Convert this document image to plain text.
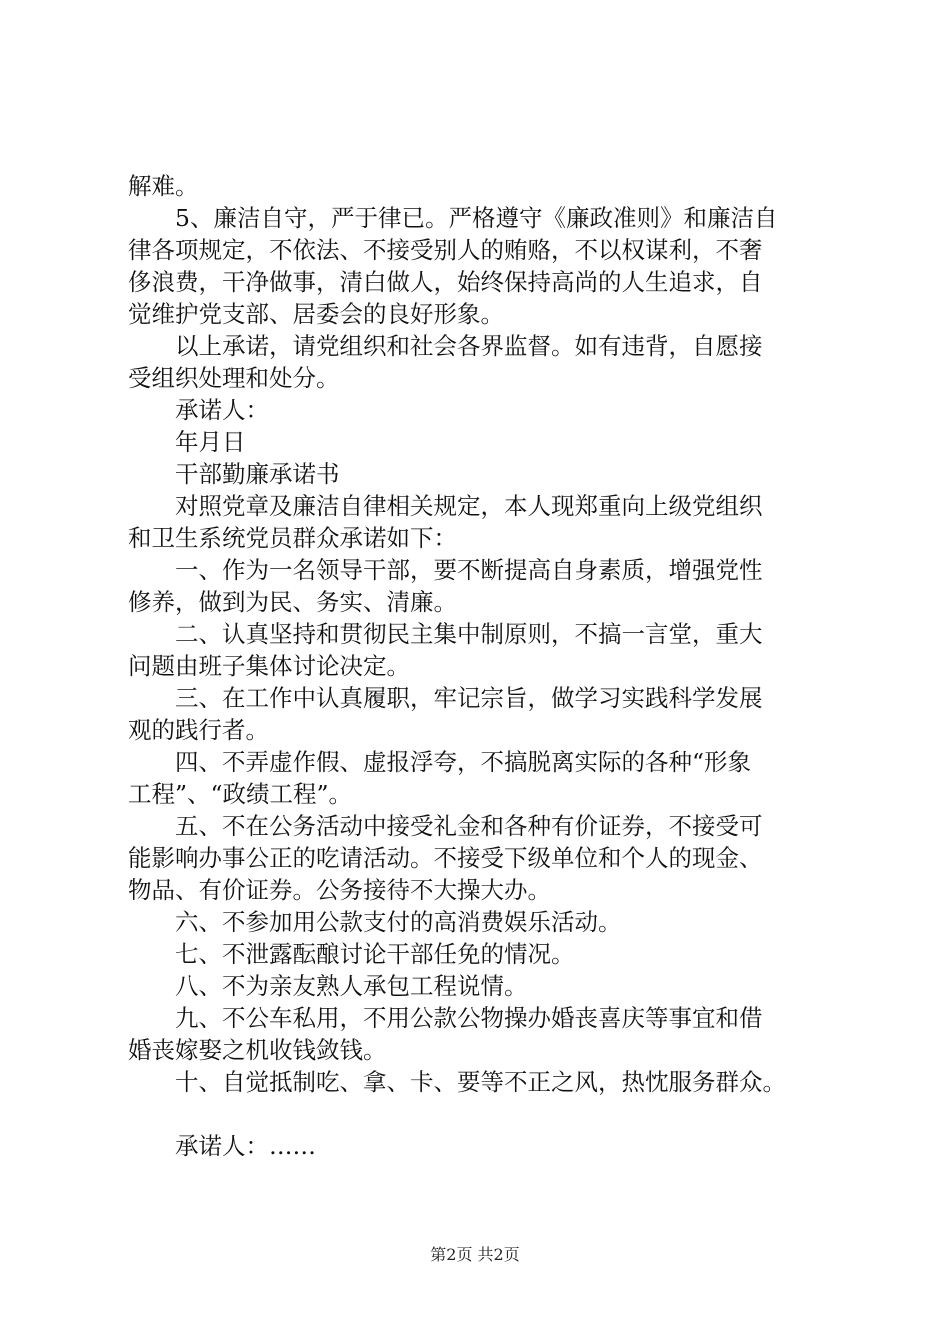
解难。

5、廉洁自守，严于律已。严格遵守《廉政准则》和廉洁自

律各项规定，不依法、不接受别人的贿赂，不以权谋利，不奢

侈浪费，干净做事，清白做人，始终保持高尚的人生追求，自

觉维护党支部、居委会的良好形象。

以上承诺，请党组织和社会各界监督。如有违背，自愿接

受组织处理和处分。

承诺人：

年月日

干部勤廉承诺书

对照党章及廉洁自律相关规定，本人现郑重向上级党组织

和卫生系统党员群众承诺如下：

一、作为一名领导干部，要不断提高自身素质，增强党性

修养，做到为民、务实、清廉。

二、认真坚持和贯彻民主集中制原则，不搞一言堂，重大

问题由班子集体讨论决定。

三、在工作中认真履职，牢记宗旨，做学习实践科学发展

观的践行者。

四、不弄虚作假、虚报浮夸，不搞脱离实际的各种“形象

工程”、“政绩工程”。

五、不在公务活动中接受礼金和各种有价证券，不接受可

能影响办事公正的吃请活动。不接受下级单位和个人的现金、

物品、有价证券。公务接待不大操大办。

六、不参加用公款支付的高消费娱乐活动。

七、不泄露酝酿讨论干部任免的情况。

八、不为亲友熟人承包工程说情。

九、不公车私用，不用公款公物操办婚丧喜庆等事宜和借

婚丧嫁娶之机收钱敛钱。

十、自觉抵制吃、拿、卡、要等不正之风，热忱服务群众。

承诺人：……

第2页 共2页
